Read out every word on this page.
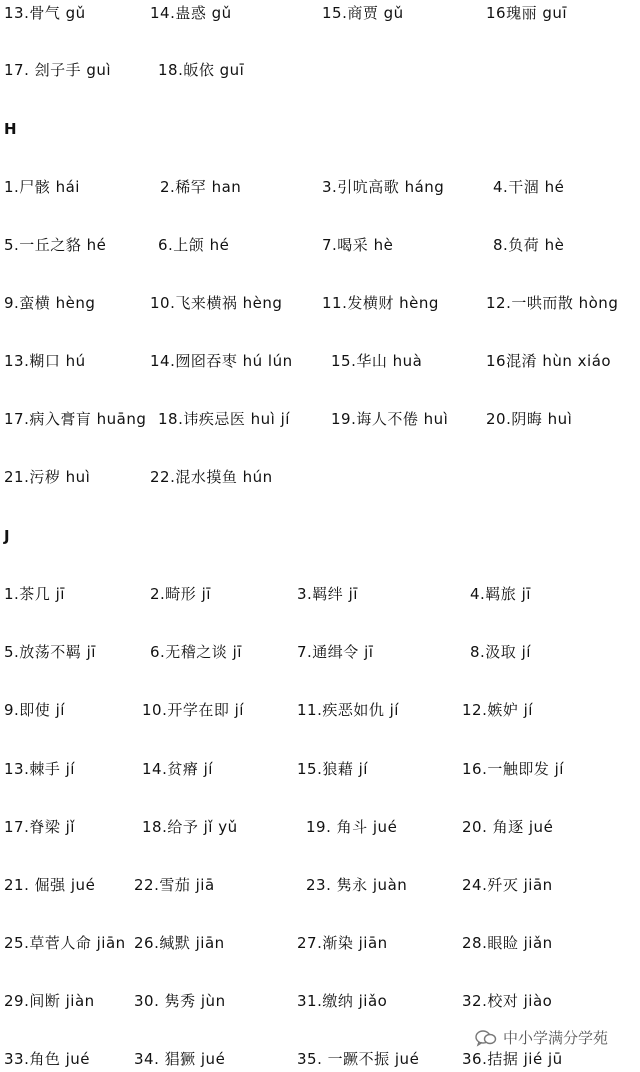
13.骨气 gǔ	14.蛊惑 gǔ	15.商贾 gǔ	16瑰丽 guī
17. 刽子手 guì	18.皈依 guī
H
1.尸骸 hái	2.稀罕 han	3.引吭高歌 háng	4.干涸 hé
5.一丘之貉 hé	6.上颌 hé	7.喝采 hè	8.负荷 hè
9.蛮横 hèng	10.飞来横祸 hèng	11.发横财 hèng	12.一哄而散 hòng
13.糊口 hú	14.囫囵吞枣 hú lún	15.华山 huà	16混淆 hùn xiáo
17.病入膏肓 huāng 18.讳疾忌医 huì jí	19.诲人不倦 huì	20.阴晦 huì
21.污秽 huì	22.混水摸鱼 hún
J
1.茶几 jī	2.畸形 jī	3.羁绊 jī	4.羁旅 jī
5.放荡不羁 jī	6.无稽之谈 jī	7.通缉令 jī	8.汲取 jí
9.即使 jí	10.开学在即 jí	11.疾恶如仇 jí	12.嫉妒 jí
13.棘手 jí	14.贫瘠 jí	15.狼藉 jí	16.一触即发 jí
17.脊梁 jǐ	18.给予 jǐ yǔ	19. 角斗 jué	20. 角逐 jué
21. 倔强 jué	22.雪茄 jiā	23. 隽永 juàn	24.歼灭 jiān
25.草菅人命 jiān 26.缄默 jiān	27.渐染 jiān	28.眼睑 jiǎn
29.间断 jiàn	30. 隽秀 jùn	31.缴纳 jiǎo	32.校对 jiào
33.角色 jué	34. 猖獗 jué	35. 一蹶不振 jué	36.拮据 jié jū
中小学满分学苑
